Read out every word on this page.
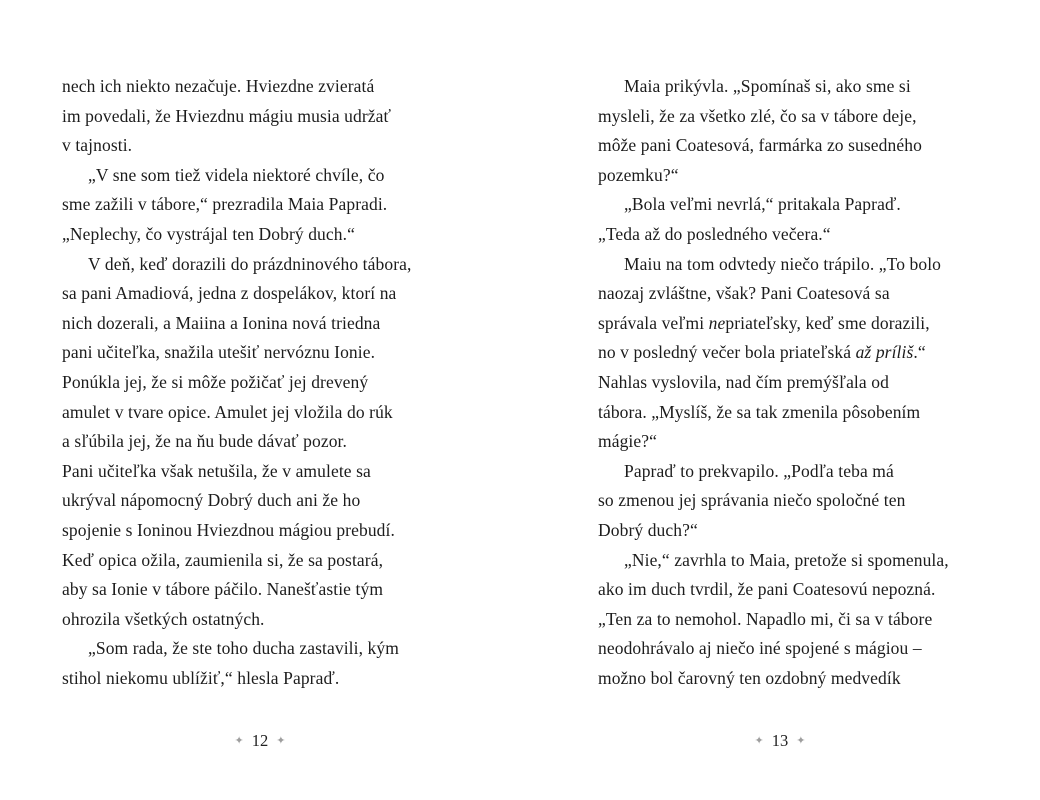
nech ich niekto nezačuje. Hviezdne zvieratá
im povedali, že Hviezdnu mágiu musia udržať
v tajnosti.
„V sne som tiež videla niektoré chvíle, čo
sme zažili v tábore,“ prezradila Maia Papradi.
„Neplechy, čo vystrájal ten Dobrý duch.“
V deň, keď dorazili do prázdninového tábora,
sa pani Amadiová, jedna z dospelákov, ktorí na
nich dozerali, a Maiina a Ionina nová triedna
pani učiteľka, snažila utešiť nervóznu Ionie.
Ponúkla jej, že si môže požičať jej drevený
amulet v tvare opice. Amulet jej vložila do rúk
a sľúbila jej, že na ňu bude dávať pozor.
Pani učiteľka však netušila, že v amulete sa
ukrýval nápomocný Dobrý duch ani že ho
spojenie s Ioninou Hviezdnou mágiou prebudí.
Keď opica ožila, zaumienila si, že sa postará,
aby sa Ionie v tábore páčilo. Nanešťastie tým
ohrozila všetkých ostatných.
„Som rada, že ste toho ducha zastavili, kým
stihol niekomu ublížiť,“ hlesla Papraď.
✦ 12 ✦
Maia prikývla. „Spomínaš si, ako sme si
mysleli, že za všetko zlé, čo sa v tábore deje,
môže pani Coatesová, farmárka zo susedného
pozemku?“
„Bola veľmi nevrlá,“ pritakala Papraď.
„Teda až do posledného večera.“
Maiu na tom odvtedy niečo trápilo. „To bolo
naozaj zvláštne, však? Pani Coatesová sa
správala veľmi nepriateľsky, keď sme dorazili,
no v posledný večer bola priateľská až príliš.“
Nahlas vyslovila, nad čím premýšľala od
tábora. „Myslíš, že sa tak zmenila pôsobením
mágie?“
Papraď to prekvapilo. „Podľa teba má
so zmenou jej správania niečo spoločné ten
Dobrý duch?“
„Nie,“ zavrhla to Maia, pretože si spomenula,
ako im duch tvrdil, že pani Coatesovú nepozná.
„Ten za to nemohol. Napadlo mi, či sa v tábore
neodohrávalo aj niečo iné spojené s mágiou –
možno bol čarovný ten ozdobný medvedík
✦ 13 ✦
